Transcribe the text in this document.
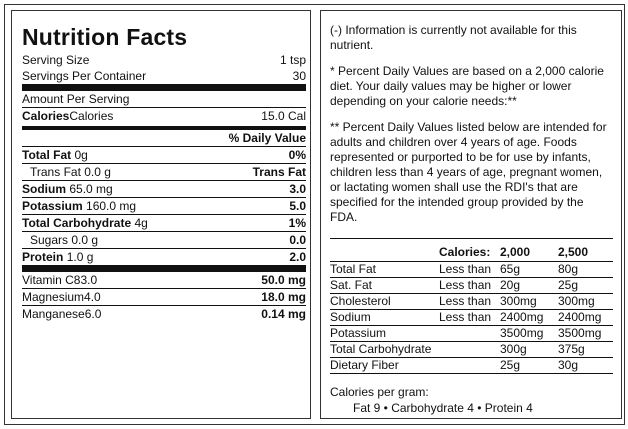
Nutrition Facts
Serving Size	1 tsp
Servings Per Container	30
Amount Per Serving
CaloriesCalories	15.0 Cal
% Daily Value
Total Fat 0g	0%
Trans Fat 0.0 g	Trans Fat
Sodium 65.0 mg	3.0
Potassium 160.0 mg	5.0
Total Carbohydrate 4g	1%
Sugars 0.0 g	0.0
Protein 1.0 g	2.0
Vitamin C83.0	50.0 mg
Magnesium4.0	18.0 mg
Manganese6.0	0.14 mg

(-) Information is currently not available for this nutrient.

* Percent Daily Values are based on a 2,000 calorie diet. Your daily values may be higher or lower depending on your calorie needs:**

** Percent Daily Values listed below are intended for adults and children over 4 years of age. Foods represented or purported to be for use by infants, children less than 4 years of age, pregnant women, or lactating women shall use the RDI's that are specified for the intended group provided by the FDA.

	Calories:	2,000	2,500
Total Fat	Less than	65g	80g
Sat. Fat	Less than	20g	25g
Cholesterol	Less than	300mg	300mg
Sodium	Less than	2400mg	2400mg
Potassium		3500mg	3500mg
Total Carbohydrate		300g	375g
Dietary Fiber		25g	30g
Calories per gram:
Fat 9 • Carbohydrate 4 • Protein 4
